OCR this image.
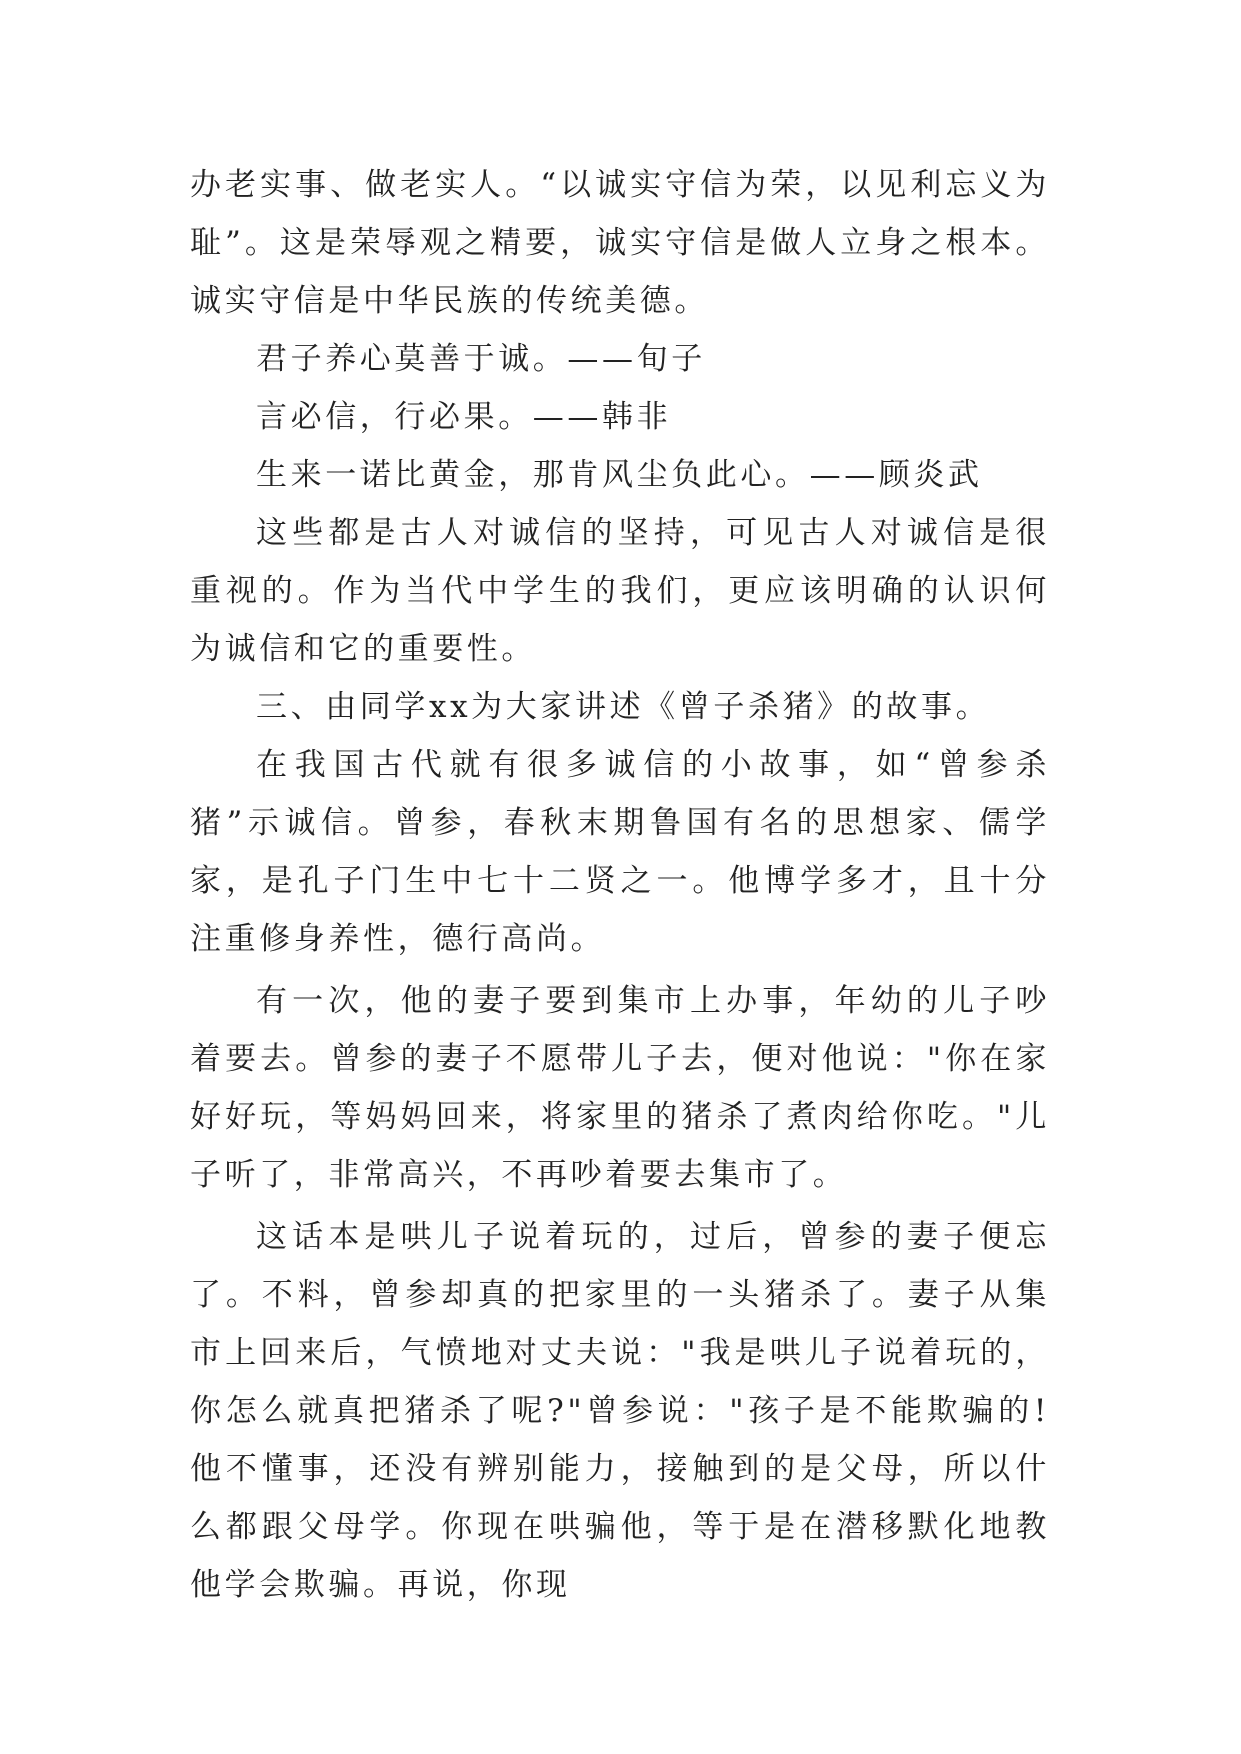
办老实事、做老实人。“以诚实守信为荣，以见利忘义为耻”。这是荣辱观之精要，诚实守信是做人立身之根本。诚实守信是中华民族的传统美德。

君子养心莫善于诚。——旬子

言必信，行必果。——韩非

生来一诺比黄金，那肯风尘负此心。——顾炎武

这些都是古人对诚信的坚持，可见古人对诚信是很重视的。作为当代中学生的我们，更应该明确的认识何为诚信和它的重要性。

三、由同学xx为大家讲述《曾子杀猪》的故事。

在我国古代就有很多诚信的小故事，如“曾参杀猪”示诚信。曾参，春秋末期鲁国有名的思想家、儒学家，是孔子门生中七十二贤之一。他博学多才，且十分注重修身养性，德行高尚。

有一次，他的妻子要到集市上办事，年幼的儿子吵着要去。曾参的妻子不愿带儿子去，便对他说："你在家好好玩，等妈妈回来，将家里的猪杀了煮肉给你吃。"儿子听了，非常高兴，不再吵着要去集市了。

这话本是哄儿子说着玩的，过后，曾参的妻子便忘了。不料，曾参却真的把家里的一头猪杀了。妻子从集市上回来后，气愤地对丈夫说："我是哄儿子说着玩的，你怎么就真把猪杀了呢?"曾参说："孩子是不能欺骗的!他不懂事，还没有辨别能力，接触到的是父母，所以什么都跟父母学。你现在哄骗他，等于是在潜移默化地教他学会欺骗。再说，你现
